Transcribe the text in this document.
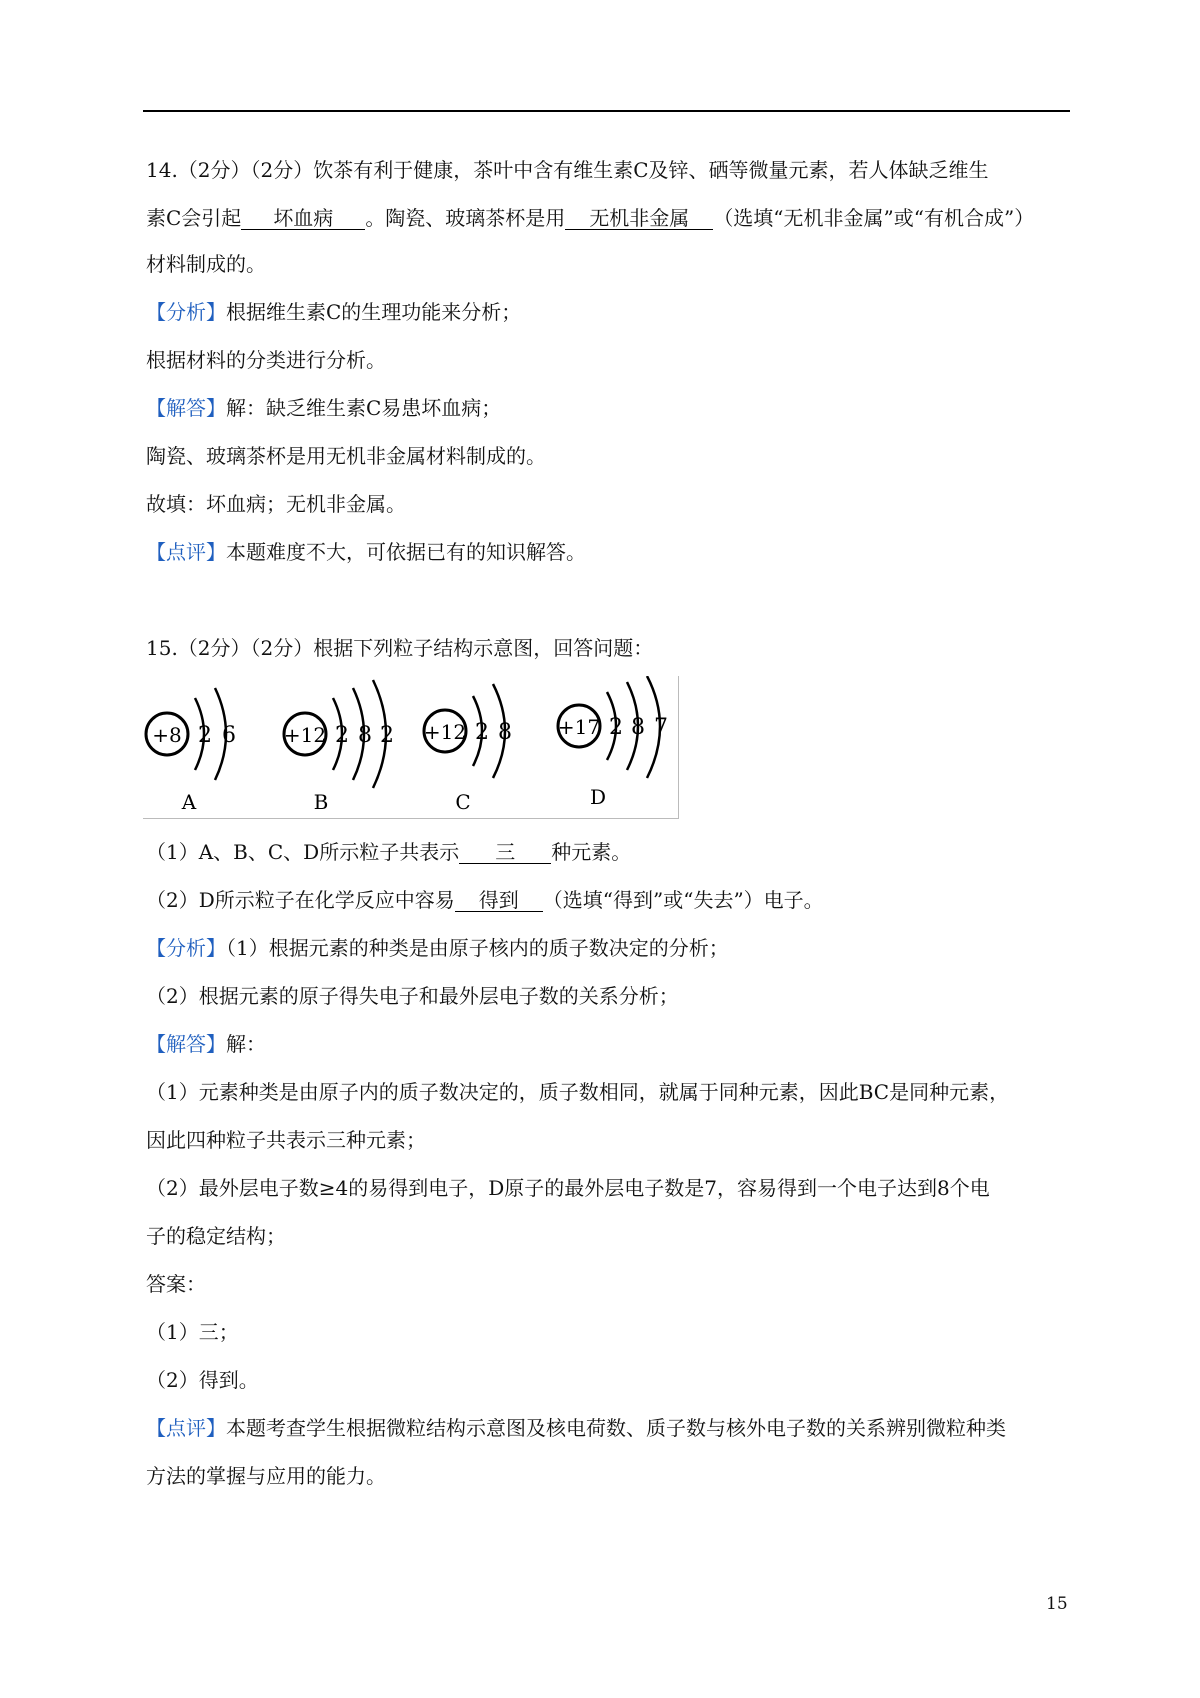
14.（2分）（2分）饮茶有利于健康，茶叶中含有维生素C及锌、硒等微量元素，若人体缺乏维生
素C会引起 坏血病 。陶瓷、玻璃茶杯是用 无机非金属 （选填“无机非金属”或“有机合成”）
材料制成的。
【分析】根据维生素C的生理功能来分析；
根据材料的分类进行分析。
【解答】解：缺乏维生素C易患坏血病；
陶瓷、玻璃茶杯是用无机非金属材料制成的。
故填：坏血病；无机非金属。
【点评】本题难度不大，可依据已有的知识解答。
15.（2分）（2分）根据下列粒子结构示意图，回答问题：
+8 2 6
A
+12 2 8 2
B
+12 2 8
C
+17 2 8 7
D
（1）A、B、C、D所示粒子共表示 三 种元素。
（2）D所示粒子在化学反应中容易 得到 （选填“得到”或“失去”）电子。
【分析】（1）根据元素的种类是由原子核内的质子数决定的分析；
（2）根据元素的原子得失电子和最外层电子数的关系分析；
【解答】解：
（1）元素种类是由原子内的质子数决定的，质子数相同，就属于同种元素，因此BC是同种元素，
因此四种粒子共表示三种元素；
（2）最外层电子数≥4的易得到电子，D原子的最外层电子数是7，容易得到一个电子达到8个电
子的稳定结构；
答案：
（1）三；
（2）得到。
【点评】本题考查学生根据微粒结构示意图及核电荷数、质子数与核外电子数的关系辨别微粒种类
方法的掌握与应用的能力。
15
